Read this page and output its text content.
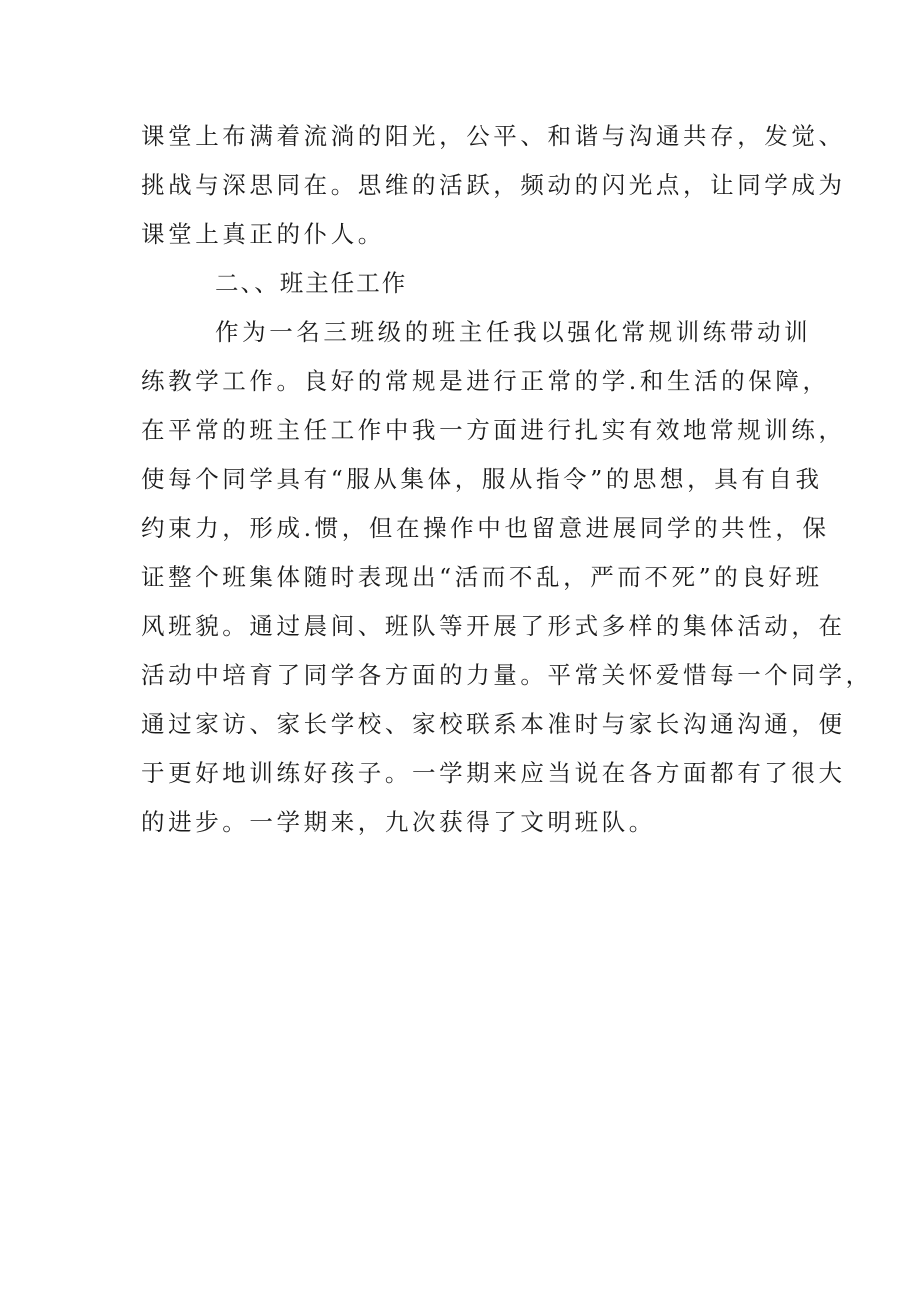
课堂上布满着流淌的阳光，公平、和谐与沟通共存，发觉、
挑战与深思同在。思维的活跃，频动的闪光点，让同学成为
课堂上真正的仆人。
二、、班主任工作
作为一名三班级的班主任我以强化常规训练带动训
练教学工作。良好的常规是进行正常的学.和生活的保障，
在平常的班主任工作中我一方面进行扎实有效地常规训练，
使每个同学具有“服从集体，服从指令”的思想，具有自我
约束力，形成.惯，但在操作中也留意进展同学的共性，保
证整个班集体随时表现出“活而不乱，严而不死”的良好班
风班貌。通过晨间、班队等开展了形式多样的集体活动，在
活动中培育了同学各方面的力量。平常关怀爱惜每一个同学，
通过家访、家长学校、家校联系本准时与家长沟通沟通，便
于更好地训练好孩子。一学期来应当说在各方面都有了很大
的进步。一学期来，九次获得了文明班队。
